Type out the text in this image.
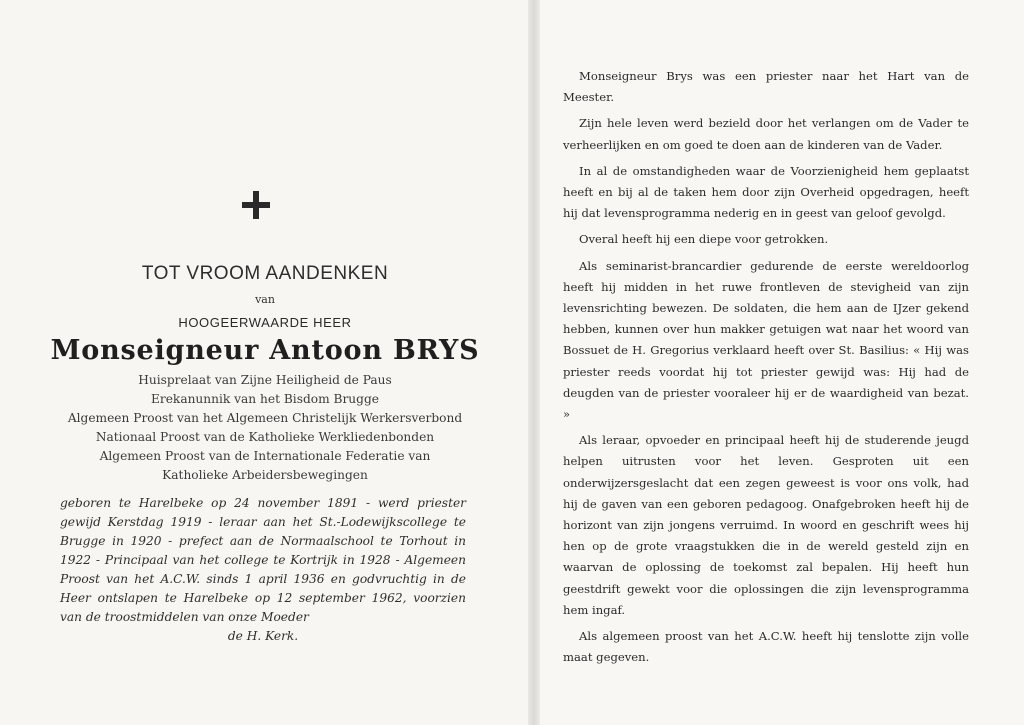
TOT VROOM AANDENKEN
van
HOOGEERWAARDE HEER
Monseigneur Antoon BRYS
Huisprelaat van Zijne Heiligheid de Paus
Erekanunnik van het Bisdom Brugge
Algemeen Proost van het Algemeen Christelijk Werkersverbond
Nationaal Proost van de Katholieke Werkliedenbonden
Algemeen Proost van de Internationale Federatie van
Katholieke Arbeidersbewegingen
geboren te Harelbeke op 24 november 1891 - werd priester gewijd Kerstdag 1919 - leraar aan het St.-Lodewijkscollege te Brugge in 1920 - prefect aan de Normaalschool te Torhout in 1922 - Principaal van het college te Kortrijk in 1928 - Algemeen Proost van het A.C.W. sinds 1 april 1936 en godvruchtig in de Heer ontslapen te Harelbeke op 12 september 1962, voorzien van de troostmiddelen van onze Moeder
de H. Kerk.

Monseigneur Brys was een priester naar het Hart van de Meester.

Zijn hele leven werd bezield door het verlangen om de Vader te verheerlijken en om goed te doen aan de kinderen van de Vader.

In al de omstandigheden waar de Voorzienigheid hem geplaatst heeft en bij al de taken hem door zijn Overheid opgedragen, heeft hij dat levensprogramma nederig en in geest van geloof gevolgd.

Overal heeft hij een diepe voor getrokken.

Als seminarist-brancardier gedurende de eerste wereldoorlog heeft hij midden in het ruwe frontleven de stevigheid van zijn levensrichting bewezen. De soldaten, die hem aan de IJzer gekend hebben, kunnen over hun makker getuigen wat naar het woord van Bossuet de H. Gregorius verklaard heeft over St. Basilius: « Hij was priester reeds voordat hij tot priester gewijd was: Hij had de deugden van de priester vooraleer hij er de waardigheid van bezat. »

Als leraar, opvoeder en principaal heeft hij de studerende jeugd helpen uitrusten voor het leven. Gesproten uit een onderwijzersgeslacht dat een zegen geweest is voor ons volk, had hij de gaven van een geboren pedagoog. Onafgebroken heeft hij de horizont van zijn jongens verruimd. In woord en geschrift wees hij hen op de grote vraagstukken die in de wereld gesteld zijn en waarvan de oplossing de toekomst zal bepalen. Hij heeft hun geestdrift gewekt voor die oplossingen die zijn levensprogramma hem ingaf.

Als algemeen proost van het A.C.W. heeft hij tenslotte zijn volle maat gegeven.
